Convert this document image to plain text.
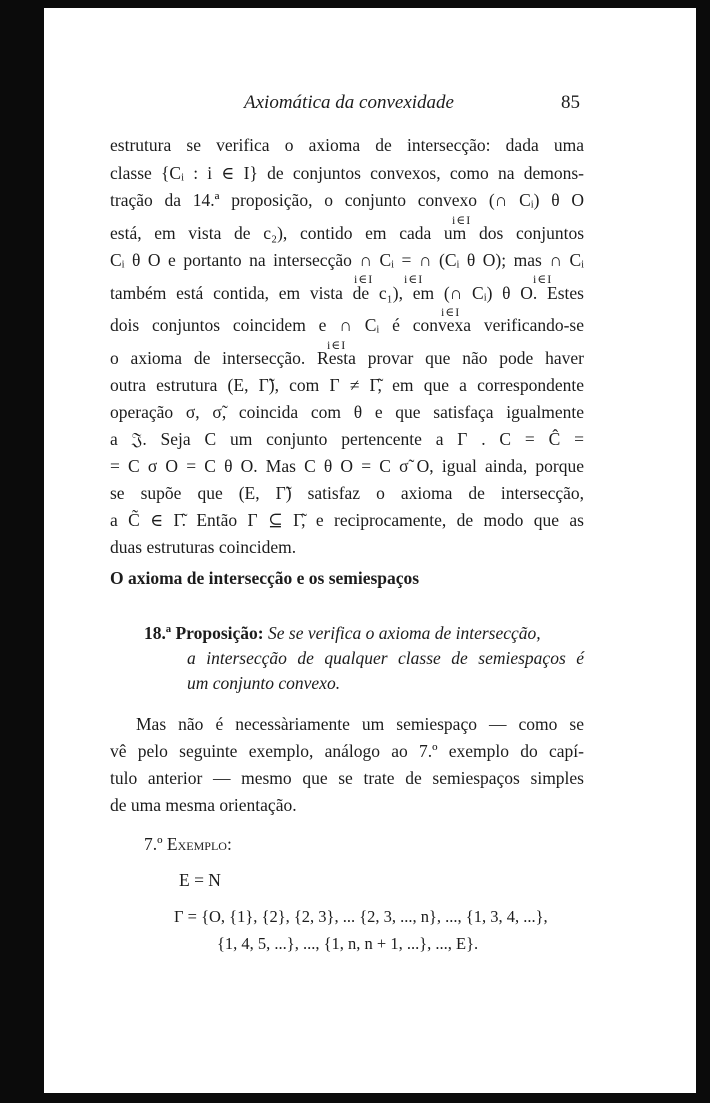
Axiomática da convexidade	85
estrutura se verifica o axioma de intersecção: dada uma
classe {Cᵢ : i ∈ I} de conjuntos convexos, como na demons-
tração da 14.ª proposição, o conjunto convexo (∩ Cᵢ) θ O
i∈I
está, em vista de c₂), contido em cada um dos conjuntos
Cᵢ θ O e portanto na intersecção ∩ Cᵢ = ∩ (Cᵢ θ O); mas ∩ Cᵢ
i∈I	i∈I	i∈I
também está contida, em vista de c₁), em (∩ Cᵢ) θ O. Estes
i∈I
dois conjuntos coincidem e ∩ Cᵢ é convexa verificando-se
i∈I
o axioma de intersecção. Resta provar que não pode haver
outra estrutura (E, Γ̃), com Γ ≠ Γ̃, em que a correspondente
operação σ, σ̃, coincida com θ e que satisfaça igualmente
a 𝔍. Seja C um conjunto pertencente a Γ . C = Ĉ =
= C σ O = C θ O. Mas C θ O = C σ̃ O, igual ainda, porque
se supõe que (E, Γ̃) satisfaz o axioma de intersecção,
a C̃ ∈ Γ̃. Então Γ ⊆ Γ̃, e reciprocamente, de modo que as
duas estruturas coincidem.
O axioma de intersecção e os semiespaços
18.ª Proposição: Se se verifica o axioma de intersecção,
a intersecção de qualquer classe de semiespaços é
um conjunto convexo.
Mas não é necessàriamente um semiespaço — como se
vê pelo seguinte exemplo, análogo ao 7.º exemplo do capí-
tulo anterior — mesmo que se trate de semiespaços simples
de uma mesma orientação.
7.º Exemplo:
E = N
Γ = {O, {1}, {2}, {2, 3}, ... {2, 3, ..., n}, ..., {1, 3, 4, ...},
{1, 4, 5, ...}, ..., {1, n, n + 1, ...}, ..., E}.
